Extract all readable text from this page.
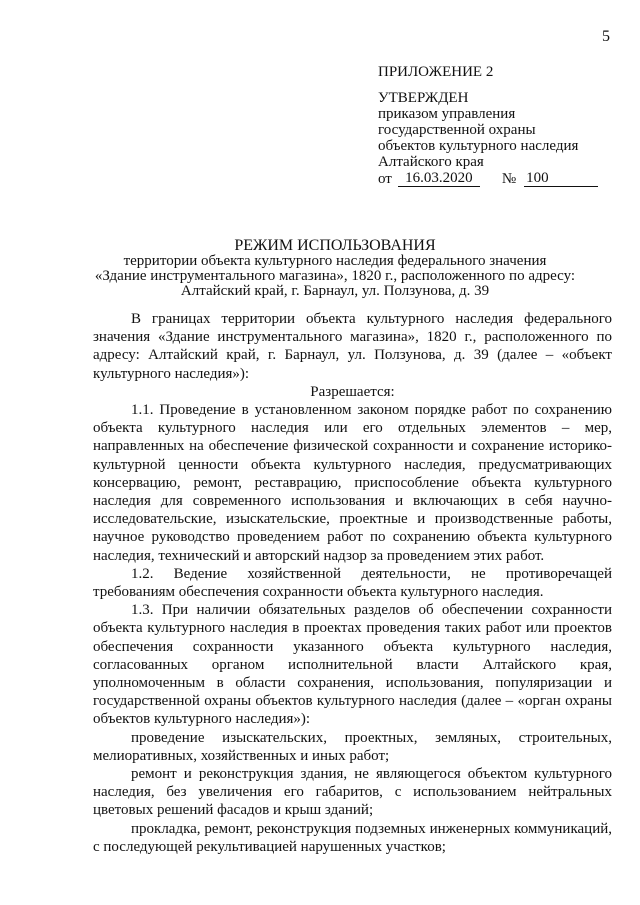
5
ПРИЛОЖЕНИЕ 2
УТВЕРЖДЕН
приказом управления
государственной охраны
объектов культурного наследия
Алтайского края
от 16.03.2020	№ 100
РЕЖИМ ИСПОЛЬЗОВАНИЯ
территории объекта культурного наследия федерального значения
«Здание инструментального магазина», 1820 г., расположенного по адресу:
Алтайский край, г. Барнаул, ул. Ползунова, д. 39

В границах территории объекта культурного наследия федерального значения «Здание инструментального магазина», 1820 г., расположенного по адресу: Алтайский край, г. Барнаул, ул. Ползунова, д. 39 (далее – «объект культурного наследия»):

Разрешается:

1.1. Проведение в установленном законом порядке работ по сохранению объекта культурного наследия или его отдельных элементов – мер, направленных на обеспечение физической сохранности и сохранение историко-культурной ценности объекта культурного наследия, предусматривающих консервацию, ремонт, реставрацию, приспособление объекта культурного наследия для современного использования и включающих в себя научно-исследовательские, изыскательские, проектные и производственные работы, научное руководство проведением работ по сохранению объекта культурного наследия, технический и авторский надзор за проведением этих работ.

1.2. Ведение хозяйственной деятельности, не противоречащей требованиям обеспечения сохранности объекта культурного наследия.

1.3. При наличии обязательных разделов об обеспечении сохранности объекта культурного наследия в проектах проведения таких работ или проектов обеспечения сохранности указанного объекта культурного наследия, согласованных органом исполнительной власти Алтайского края, уполномоченным в области сохранения, использования, популяризации и государственной охраны объектов культурного наследия (далее – «орган охраны объектов культурного наследия»):

проведение изыскательских, проектных, земляных, строительных, мелиоративных, хозяйственных и иных работ;

ремонт и реконструкция здания, не являющегося объектом культурного наследия, без увеличения его габаритов, с использованием нейтральных цветовых решений фасадов и крыш зданий;

прокладка, ремонт, реконструкция подземных инженерных коммуникаций, с последующей рекультивацией нарушенных участков;
